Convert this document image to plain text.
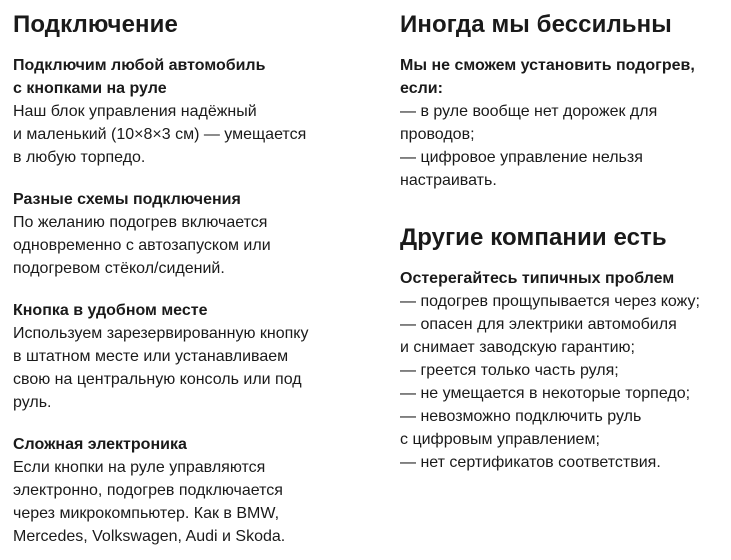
Подключение
Подключим любой автомобиль
с кнопками на руле

Наш блок управления надёжный
и маленький (10×8×3 см) — умещается
в любую торпедо.

Разные схемы подключения

По желанию подогрев включается
одновременно с автозапуском или
подогревом стёкол/сидений.

Кнопка в удобном месте

Используем зарезервированную кнопку
в штатном месте или устанавливаем
свою на центральную консоль или под
руль.

Сложная электроника

Если кнопки на руле управляются
электронно, подогрев подключается
через микрокомпьютер. Как в BMW,
Mercedes, Volkswagen, Audi и Skoda.

Иногда мы бессильны
Мы не сможем установить подогрев,
если:

— в руле вообще нет дорожек для
проводов;
— цифровое управление нельзя
настраивать.

Другие компании есть
Остерегайтесь типичных проблем

— подогрев прощупывается через кожу;
— опасен для электрики автомобиля
и снимает заводскую гарантию;
— греется только часть руля;
— не умещается в некоторые торпедо;
— невозможно подключить руль
с цифровым управлением;
— нет сертификатов соответствия.
